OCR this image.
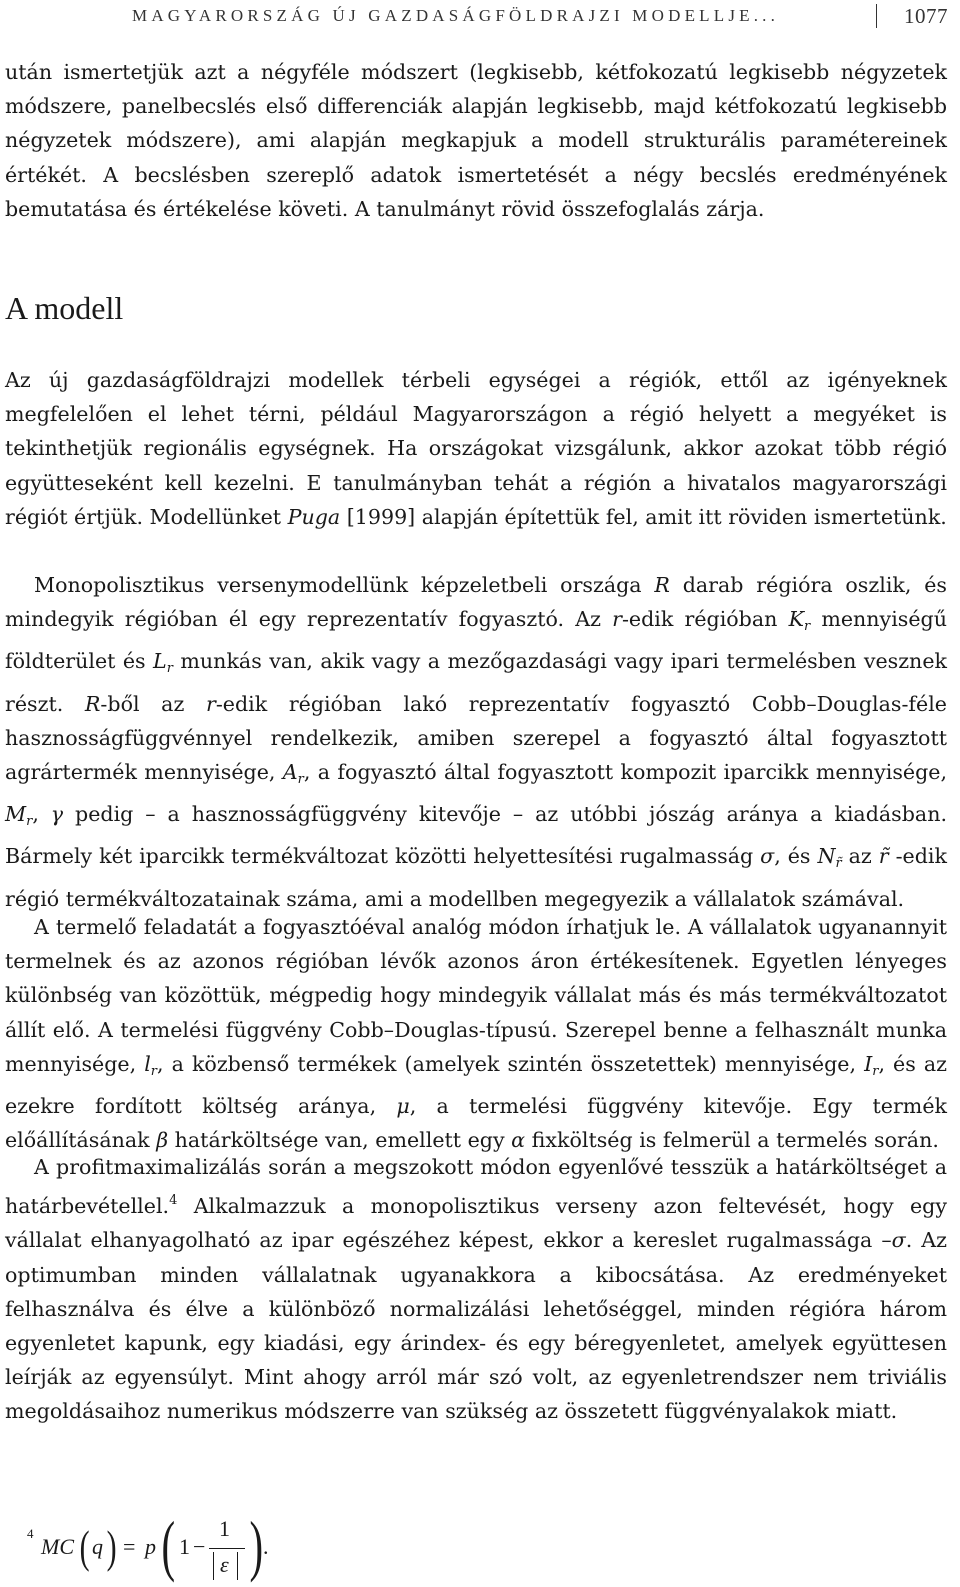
MAGYARORSZÁG ÚJ GAZDASÁGFÖLDRAJZI MODELLJE...	1077

után ismertetjük azt a négyféle módszert (legkisebb, kétfokozatú legkisebb négyzetek módszere, panelbecslés első differenciák alapján legkisebb, majd kétfokozatú legkisebb négyzetek módszere), ami alapján megkapjuk a modell strukturális paramétereinek értékét. A becslésben szereplő adatok ismertetését a négy becslés eredményének bemutatása és értékelése követi. A tanulmányt rövid összefoglalás zárja.

A modell

Az új gazdaságföldrajzi modellek térbeli egységei a régiók, ettől az igényeknek megfelelően el lehet térni, például Magyarországon a régió helyett a megyéket is tekinthetjük regionális egységnek. Ha országokat vizsgálunk, akkor azokat több régió együtteseként kell kezelni. E tanulmányban tehát a régión a hivatalos magyarországi régiót értjük. Modellünket Puga [1999] alapján építettük fel, amit itt röviden ismertetünk.

Monopolisztikus versenymodellünk képzeletbeli országa R darab régióra oszlik, és mindegyik régióban él egy reprezentatív fogyasztó. Az r-edik régióban $K_r$ mennyiségű földterület és $L_r$ munkás van, akik vagy a mezőgazdasági vagy ipari termelésben vesznek részt. R-ből az r-edik régióban lakó reprezentatív fogyasztó Cobb–Douglas-féle hasznosságfüggvénnyel rendelkezik, amiben szerepel a fogyasztó által fogyasztott agrártermék mennyisége, $A_r$, a fogyasztó által fogyasztott kompozit iparcikk mennyisége, $M_r$, γ pedig – a hasznosságfüggvény kitevője – az utóbbi jószág aránya a kiadásban. Bármely két iparcikk termékváltozat közötti helyettesítési rugalmasság σ, és $N_{r̃}$ az r̃ -edik régió termékváltozatainak száma, ami a modellben megegyezik a vállalatok számával.

A termelő feladatát a fogyasztóéval analóg módon írhatjuk le. A vállalatok ugyanannyit termelnek és az azonos régióban lévők azonos áron értékesítenek. Egyetlen lényeges különbség van közöttük, mégpedig hogy mindegyik vállalat más és más termékváltozatot állít elő. A termelési függvény Cobb–Douglas-típusú. Szerepel benne a felhasznált munka mennyisége, $l_r$, a közbenső termékek (amelyek szintén összetettek) mennyisége, $I_r$, és az ezekre fordított költség aránya, μ, a termelési függvény kitevője. Egy termék előállításának β határköltsége van, emellett egy α fixköltség is felmerül a termelés során.

A profitmaximalizálás során a megszokott módon egyenlővé tesszük a határköltséget a határbevétellel.$^4$ Alkalmazzuk a monopolisztikus verseny azon feltevését, hogy egy vállalat elhanyagolható az ipar egészéhez képest, ekkor a kereslet rugalmassága –σ. Az optimumban minden vállalatnak ugyanakkora a kibocsátása. Az eredményeket felhasználva és élve a különböző normalizálási lehetőséggel, minden régióra három egyenletet kapunk, egy kiadási, egy árindex- és egy béregyenletet, amelyek együttesen leírják az egyensúlyt. Mint ahogy arról már szó volt, az egyenletrendszer nem triviális megoldásaihoz numerikus módszerre van szükség az összetett függvényalakok miatt.

4
MC ( q ) = p ( 1 −
1
ε ) .
